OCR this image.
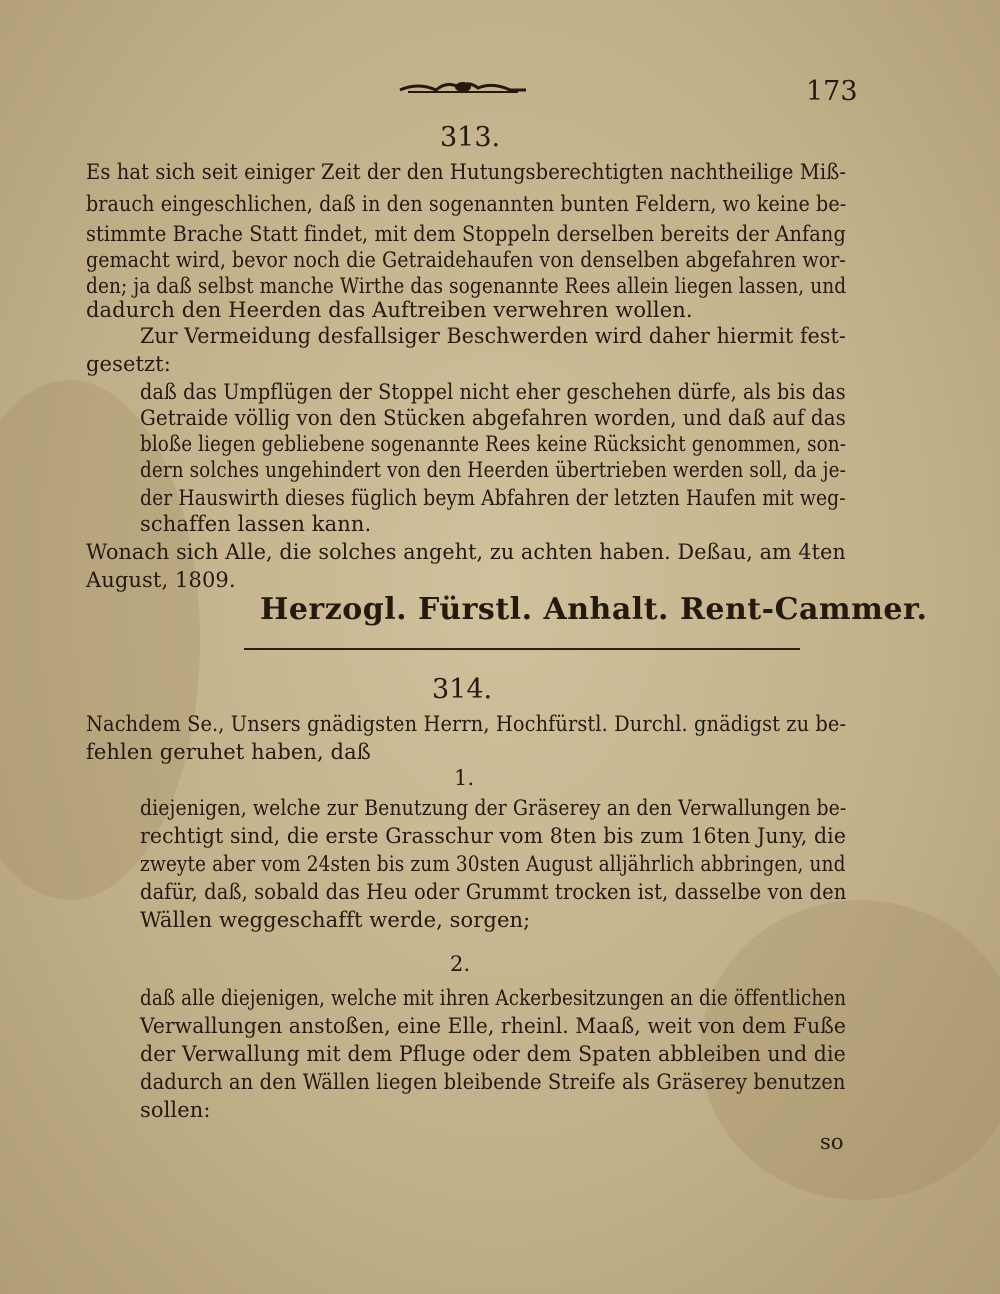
173
313.
Es hat sich seit einiger Zeit der den Hutungsberechtigten nachtheilige Miß-
brauch eingeschlichen, daß in den sogenannten bunten Feldern, wo keine be-
stimmte Brache Statt findet, mit dem Stoppeln derselben bereits der Anfang
gemacht wird, bevor noch die Getraidehaufen von denselben abgefahren wor-
den; ja daß selbst manche Wirthe das sogenannte Rees allein liegen lassen, und
dadurch den Heerden das Auftreiben verwehren wollen.
Zur Vermeidung desfallsiger Beschwerden wird daher hiermit fest-
gesetzt:
daß das Umpflügen der Stoppel nicht eher geschehen dürfe, als bis das
Getraide völlig von den Stücken abgefahren worden, und daß auf das
bloße liegen gebliebene sogenannte Rees keine Rücksicht genommen, son-
dern solches ungehindert von den Heerden übertrieben werden soll, da je-
der Hauswirth dieses füglich beym Abfahren der letzten Haufen mit weg-
schaffen lassen kann.
Wonach sich Alle, die solches angeht, zu achten haben. Deßau, am 4ten
August, 1809.
Herzogl. Fürstl. Anhalt. Rent-Cammer.
314.
Nachdem Se., Unsers gnädigsten Herrn, Hochfürstl. Durchl. gnädigst zu be-
fehlen geruhet haben, daß
1.
diejenigen, welche zur Benutzung der Gräserey an den Verwallungen be-
rechtigt sind, die erste Grasschur vom 8ten bis zum 16ten Juny, die
zweyte aber vom 24sten bis zum 30sten August alljährlich abbringen, und
dafür, daß, sobald das Heu oder Grummt trocken ist, dasselbe von den
Wällen weggeschafft werde, sorgen;
2.
daß alle diejenigen, welche mit ihren Ackerbesitzungen an die öffentlichen
Verwallungen anstoßen, eine Elle, rheinl. Maaß, weit von dem Fuße
der Verwallung mit dem Pfluge oder dem Spaten abbleiben und die
dadurch an den Wällen liegen bleibende Streife als Gräserey benutzen
sollen:
so
